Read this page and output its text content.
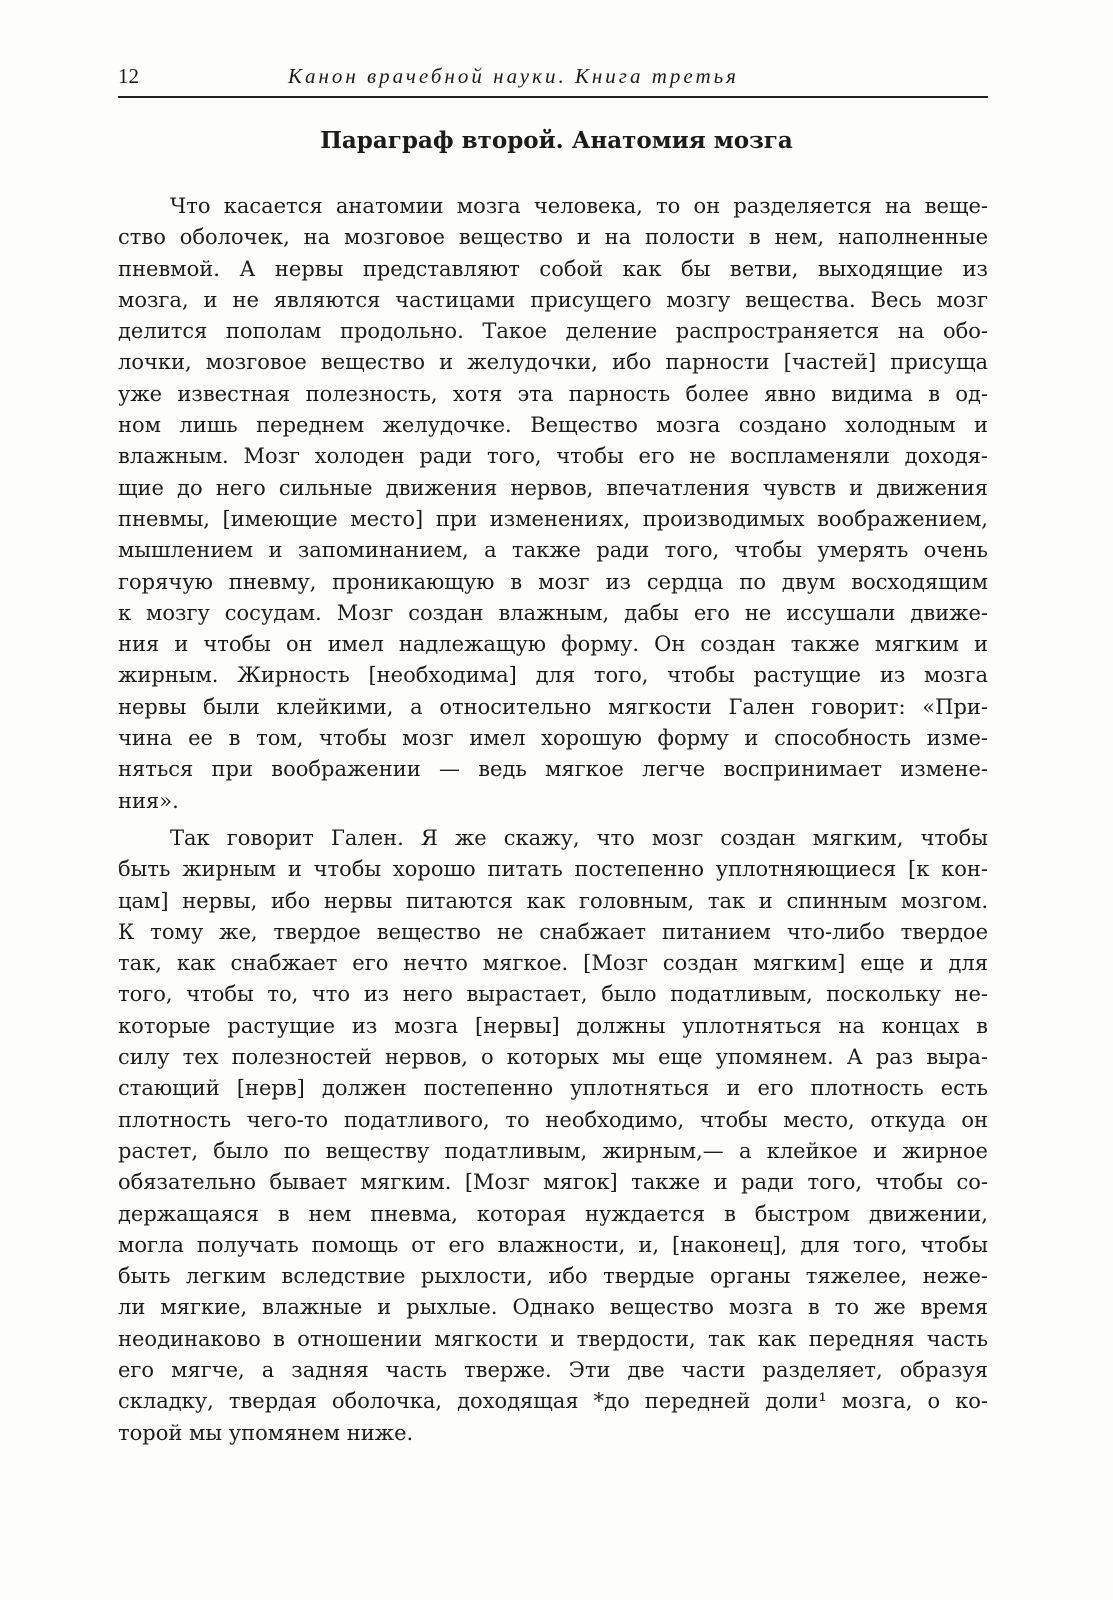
12	Канон врачебной науки. Книга третья
Параграф второй. Анатомия мозга
Что касается анатомии мозга человека, то он разделяется на веще-
ство оболочек, на мозговое вещество и на полости в нем, наполненные
пневмой. А нервы представляют собой как бы ветви, выходящие из
мозга, и не являются частицами присущего мозгу вещества. Весь мозг
делится пополам продольно. Такое деление распространяется на обо-
лочки, мозговое вещество и желудочки, ибо парности [частей] присуща
уже известная полезность, хотя эта парность более явно видима в од-
ном лишь переднем желудочке. Вещество мозга создано холодным и
влажным. Мозг холоден ради того, чтобы его не воспламеняли доходя-
щие до него сильные движения нервов, впечатления чувств и движения
пневмы, [имеющие место] при изменениях, производимых воображением,
мышлением и запоминанием, а также ради того, чтобы умерять очень
горячую пневму, проникающую в мозг из сердца по двум восходящим
к мозгу сосудам. Мозг создан влажным, дабы его не иссушали движе-
ния и чтобы он имел надлежащую форму. Он создан также мягким и
жирным. Жирность [необходима] для того, чтобы растущие из мозга
нервы были клейкими, а относительно мягкости Гален говорит: «При-
чина ее в том, чтобы мозг имел хорошую форму и способность изме-
няться при воображении — ведь мягкое легче воспринимает измене-
ния».
Так говорит Гален. Я же скажу, что мозг создан мягким, чтобы
быть жирным и чтобы хорошо питать постепенно уплотняющиеся [к кон-
цам] нервы, ибо нервы питаются как головным, так и спинным мозгом.
К тому же, твердое вещество не снабжает питанием что-либо твердое
так, как снабжает его нечто мягкое. [Мозг создан мягким] еще и для
того, чтобы то, что из него вырастает, было податливым, поскольку не-
которые растущие из мозга [нервы] должны уплотняться на концах в
силу тех полезностей нервов, о которых мы еще упомянем. А раз выра-
стающий [нерв] должен постепенно уплотняться и его плотность есть
плотность чего-то податливого, то необходимо, чтобы место, откуда он
растет, было по веществу податливым, жирным,— а клейкое и жирное
обязательно бывает мягким. [Мозг мягок] также и ради того, чтобы со-
держащаяся в нем пневма, которая нуждается в быстром движении,
могла получать помощь от его влажности, и, [наконец], для того, чтобы
быть легким вследствие рыхлости, ибо твердые органы тяжелее, неже-
ли мягкие, влажные и рыхлые. Однако вещество мозга в то же время
неодинаково в отношении мягкости и твердости, так как передняя часть
его мягче, а задняя часть тверже. Эти две части разделяет, образуя
складку, твердая оболочка, доходящая *до передней доли¹ мозга, о ко-
торой мы упомянем ниже.
